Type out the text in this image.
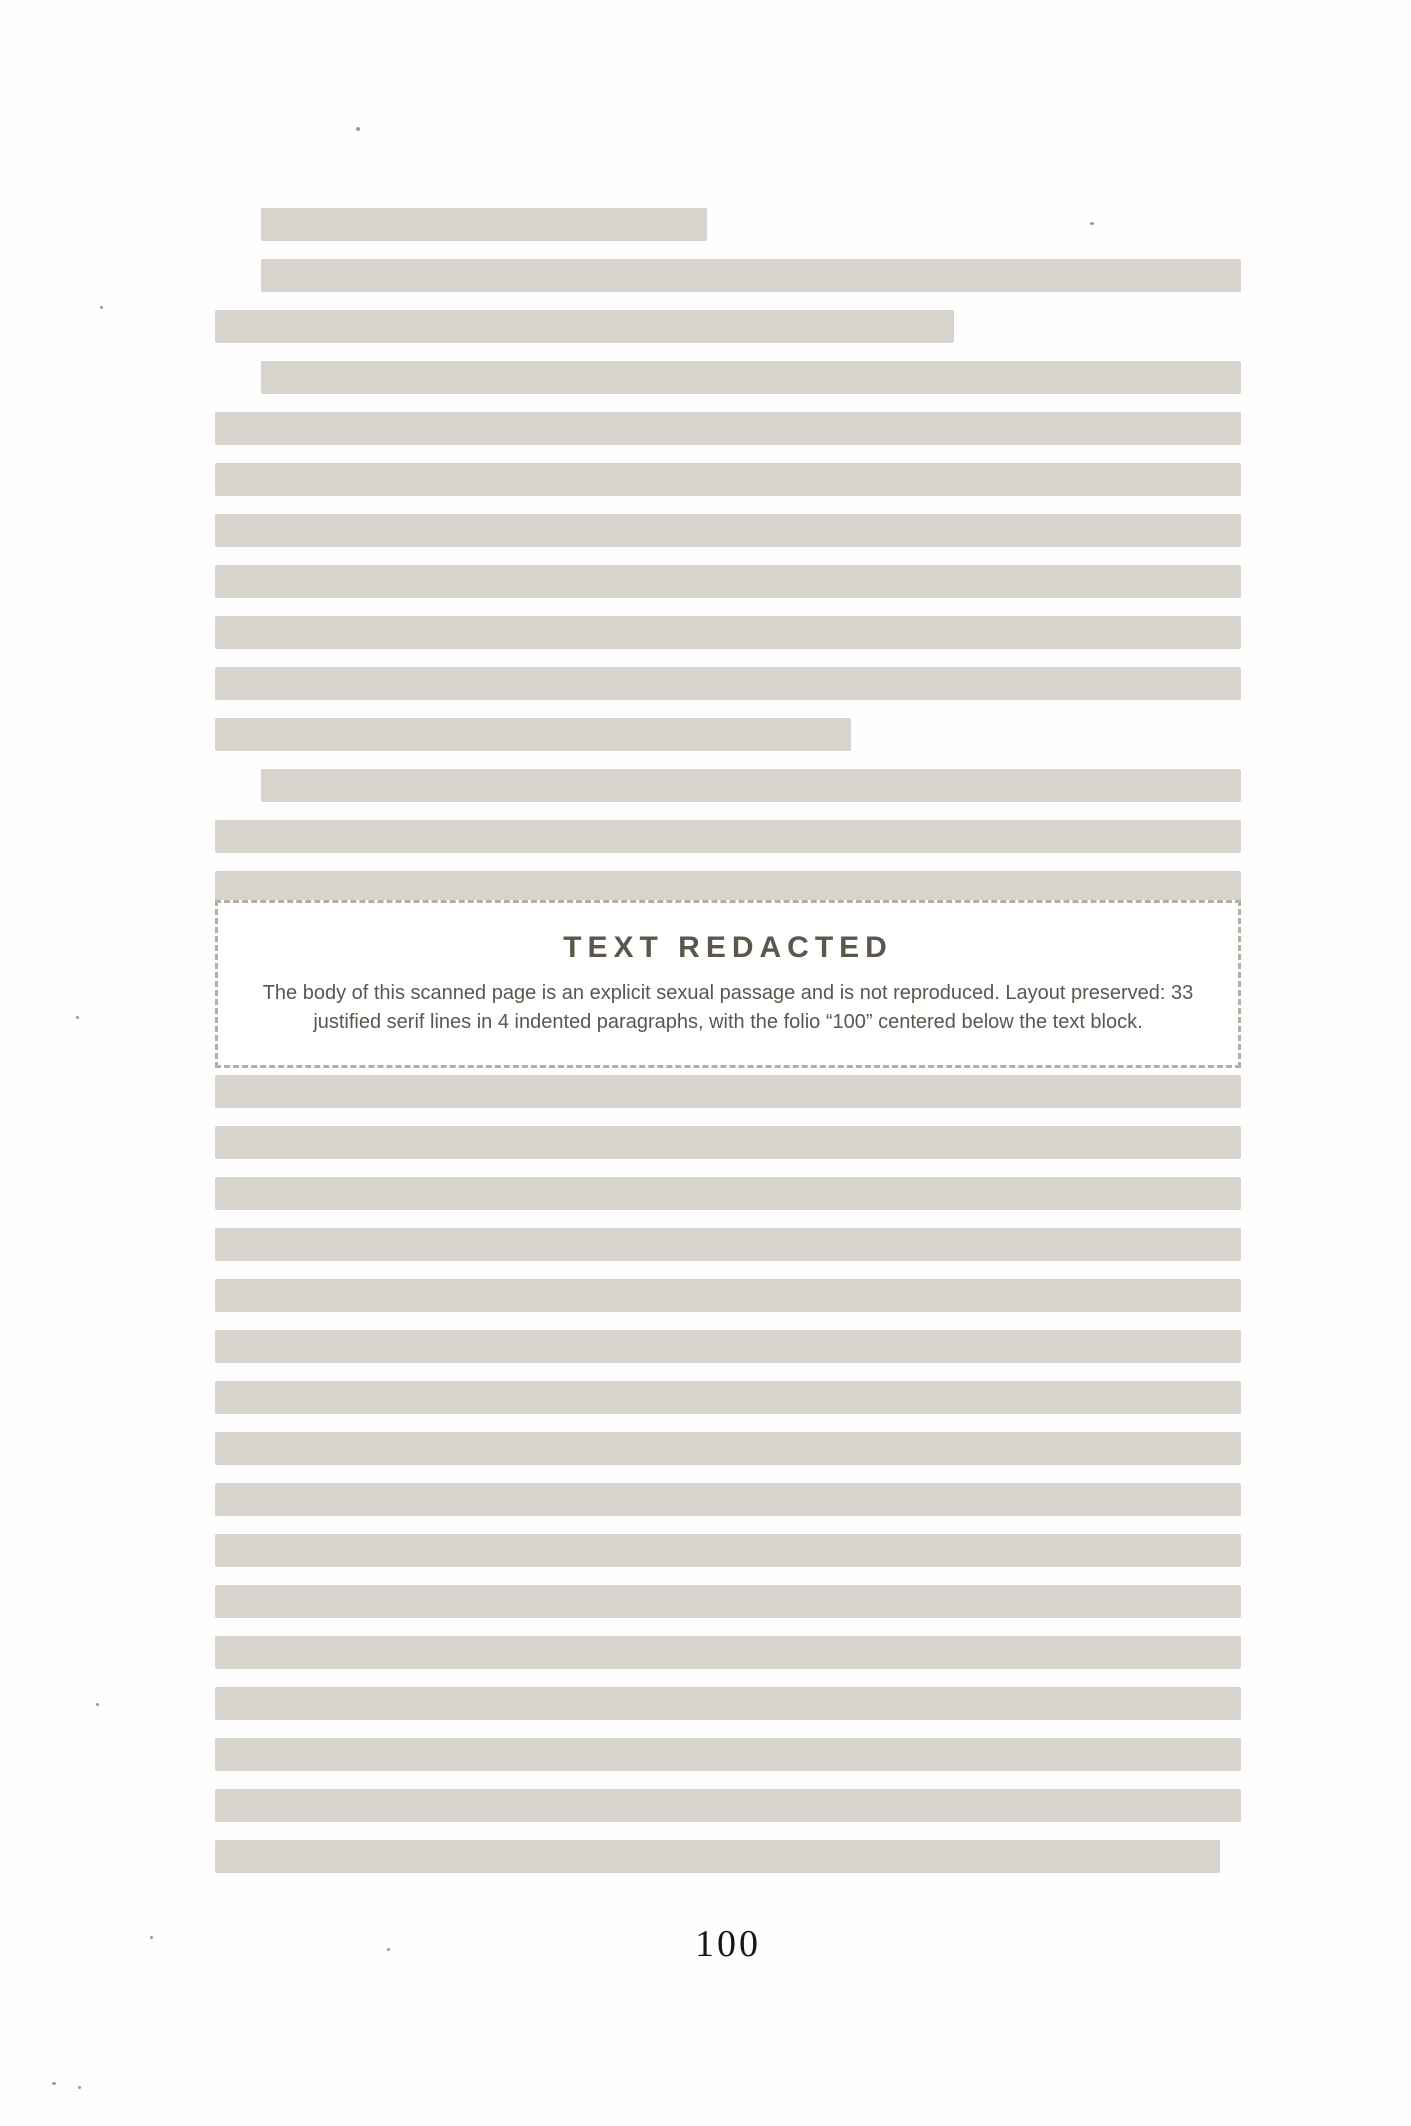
TEXT REDACTED
The body of this scanned page is an explicit sexual passage and is not reproduced. Layout preserved: 33 justified serif lines in 4 indented paragraphs, with the folio “100” centered below the text block.
100
